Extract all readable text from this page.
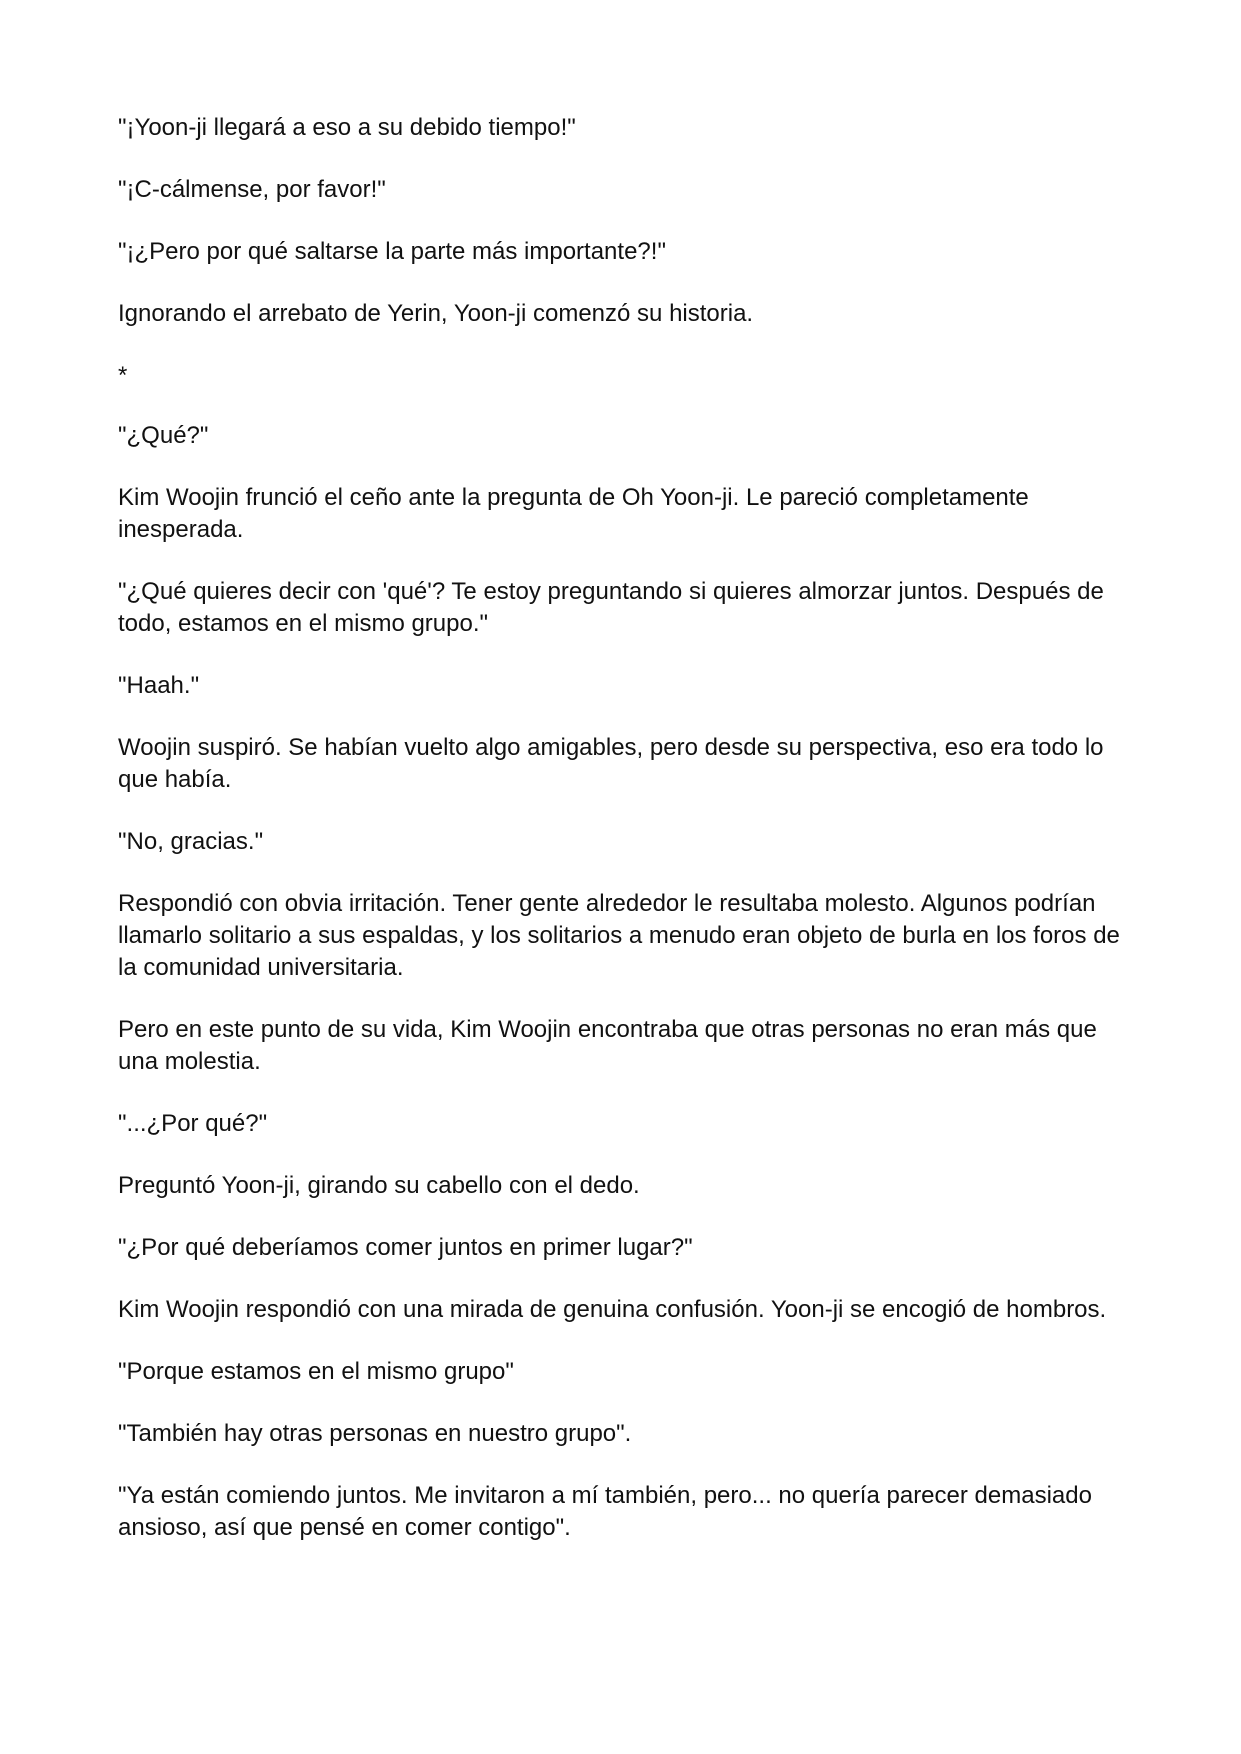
"¡Yoon-ji llegará a eso a su debido tiempo!"

"¡C-cálmense, por favor!"

"¡¿Pero por qué saltarse la parte más importante?!"

Ignorando el arrebato de Yerin, Yoon-ji comenzó su historia.

*

"¿Qué?"

Kim Woojin frunció el ceño ante la pregunta de Oh Yoon-ji. Le pareció completamente inesperada.

"¿Qué quieres decir con 'qué'? Te estoy preguntando si quieres almorzar juntos. Después de todo, estamos en el mismo grupo."

"Haah."

Woojin suspiró. Se habían vuelto algo amigables, pero desde su perspectiva, eso era todo lo que había.

"No, gracias."

Respondió con obvia irritación. Tener gente alrededor le resultaba molesto. Algunos podrían llamarlo solitario a sus espaldas, y los solitarios a menudo eran objeto de burla en los foros de la comunidad universitaria.

Pero en este punto de su vida, Kim Woojin encontraba que otras personas no eran más que una molestia.

"...¿Por qué?"

Preguntó Yoon-ji, girando su cabello con el dedo.

"¿Por qué deberíamos comer juntos en primer lugar?"

Kim Woojin respondió con una mirada de genuina confusión. Yoon-ji se encogió de hombros.

"Porque estamos en el mismo grupo"

"También hay otras personas en nuestro grupo".

"Ya están comiendo juntos. Me invitaron a mí también, pero... no quería parecer demasiado ansioso, así que pensé en comer contigo".
